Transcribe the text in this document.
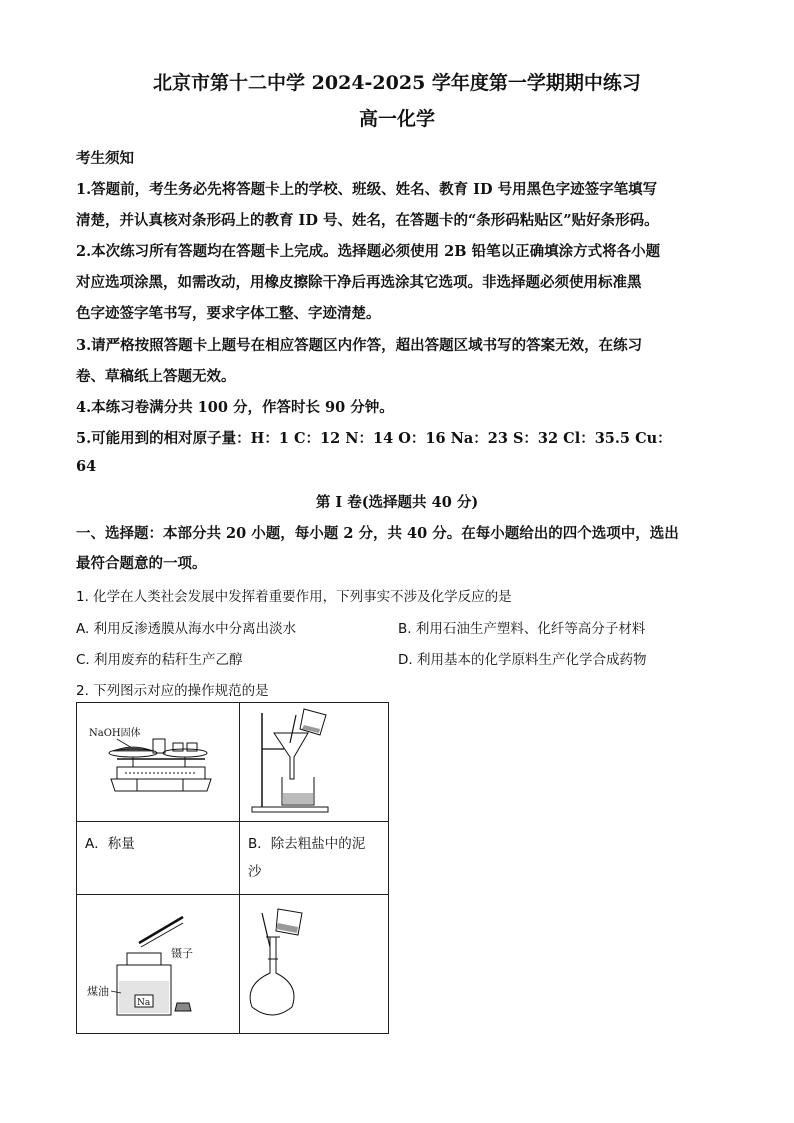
北京市第十二中学 2024-2025 学年度第一学期期中练习
高一化学
考生须知
1.答题前，考生务必先将答题卡上的学校、班级、姓名、教育 ID 号用黑色字迹签字笔填写
清楚，并认真核对条形码上的教育 ID 号、姓名，在答题卡的“条形码粘贴区”贴好条形码。
2.本次练习所有答题均在答题卡上完成。选择题必须使用 2B 铅笔以正确填涂方式将各小题
对应选项涂黑，如需改动，用橡皮擦除干净后再选涂其它选项。非选择题必须使用标准黑
色字迹签字笔书写，要求字体工整、字迹清楚。
3.请严格按照答题卡上题号在相应答题区内作答，超出答题区域书写的答案无效，在练习
卷、草稿纸上答题无效。
4.本练习卷满分共 100 分，作答时长 90 分钟。
5.可能用到的相对原子量：H：1 C：12 N：14 O：16 Na：23 S：32 Cl：35.5 Cu：
64
第 I 卷(选择题共 40 分)
一、选择题：本部分共 20 小题，每小题 2 分，共 40 分。在每小题给出的四个选项中，选出
最符合题意的一项。
1. 化学在人类社会发展中发挥着重要作用，下列事实不涉及化学反应的是
A. 利用反渗透膜从海水中分离出淡水	B. 利用石油生产塑料、化纤等高分子材料
C. 利用废弃的秸秆生产乙醇	D. 利用基本的化学原料生产化学合成药物
2. 下列图示对应的操作规范的是
NaOH固体

A．称量	B．除去粗盐中的泥沙

镊子
Na
煤油
